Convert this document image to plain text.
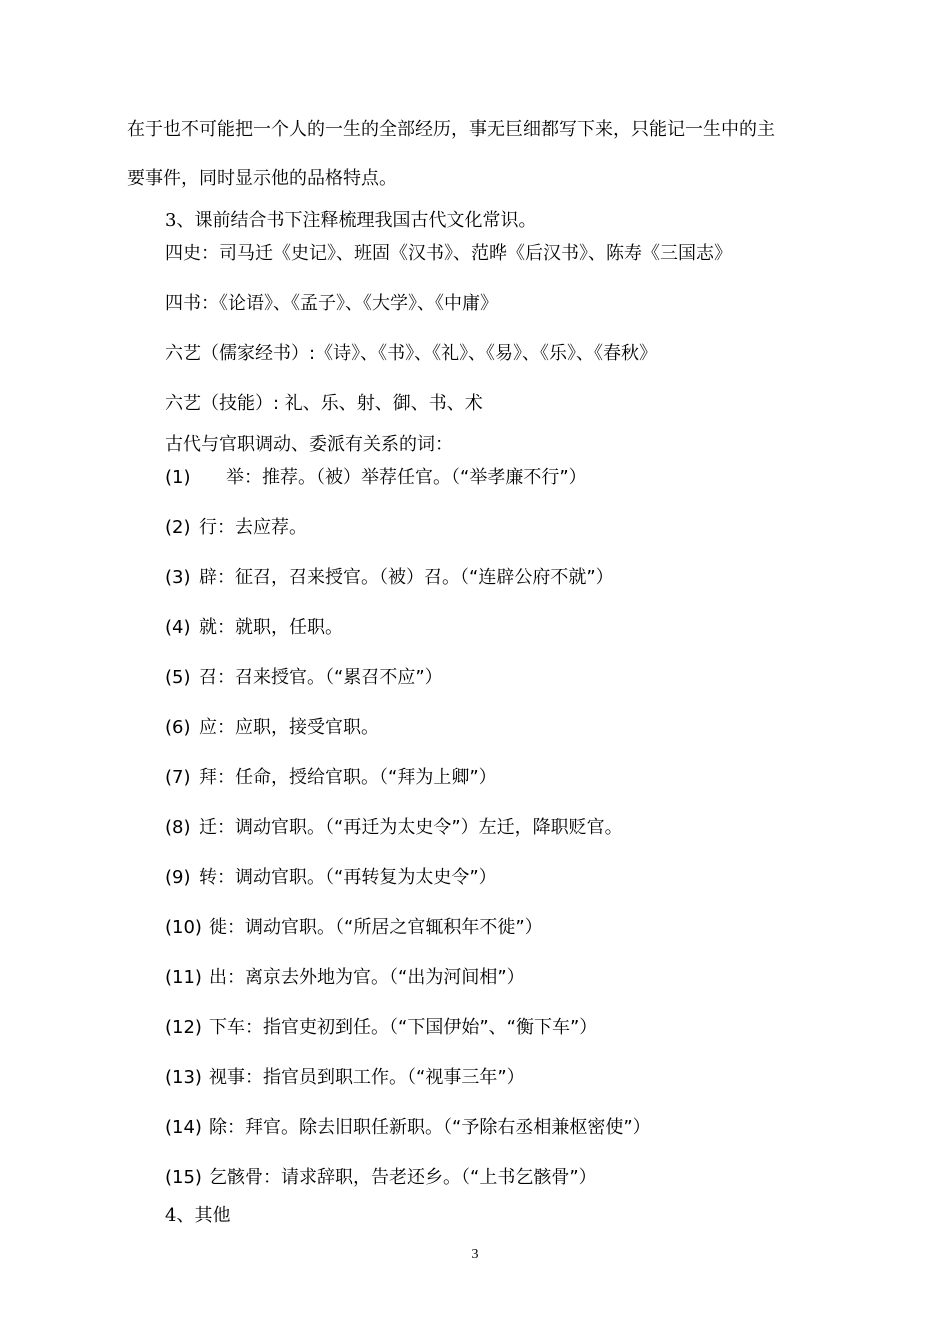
在于也不可能把一个人的一生的全部经历，事无巨细都写下来，只能记一生中的主
要事件，同时显示他的品格特点。
3、课前结合书下注释梳理我国古代文化常识。
四史：司马迁《史记》、班固《汉书》、范晔《后汉书》、陈寿《三国志》
四书：《论语》、《孟子》、《大学》、《中庸》
六艺（儒家经书）:《诗》、《书》、《礼》、《易》、《乐》、《春秋》
六艺（技能）: 礼、乐、射、御、书、术
古代与官职调动、委派有关系的词：
(1) 举：推荐。（被）举荐任官。（“举孝廉不行”）
(2) 行：去应荐。
(3) 辟：征召，召来授官。（被）召。（“连辟公府不就”）
(4) 就：就职，任职。
(5) 召：召来授官。（“累召不应”）
(6) 应：应职，接受官职。
(7) 拜：任命，授给官职。（“拜为上卿”）
(8) 迁：调动官职。（“再迁为太史令”）左迁，降职贬官。
(9) 转：调动官职。（“再转复为太史令”）
(10) 徙：调动官职。（“所居之官辄积年不徙”）
(11) 出：离京去外地为官。（“出为河间相”）
(12) 下车：指官吏初到任。（“下国伊始”、“衡下车”）
(13) 视事：指官员到职工作。（“视事三年”）
(14) 除：拜官。除去旧职任新职。（“予除右丞相兼枢密使”）
(15) 乞骸骨：请求辞职，告老还乡。（“上书乞骸骨”）
4、其他
3
